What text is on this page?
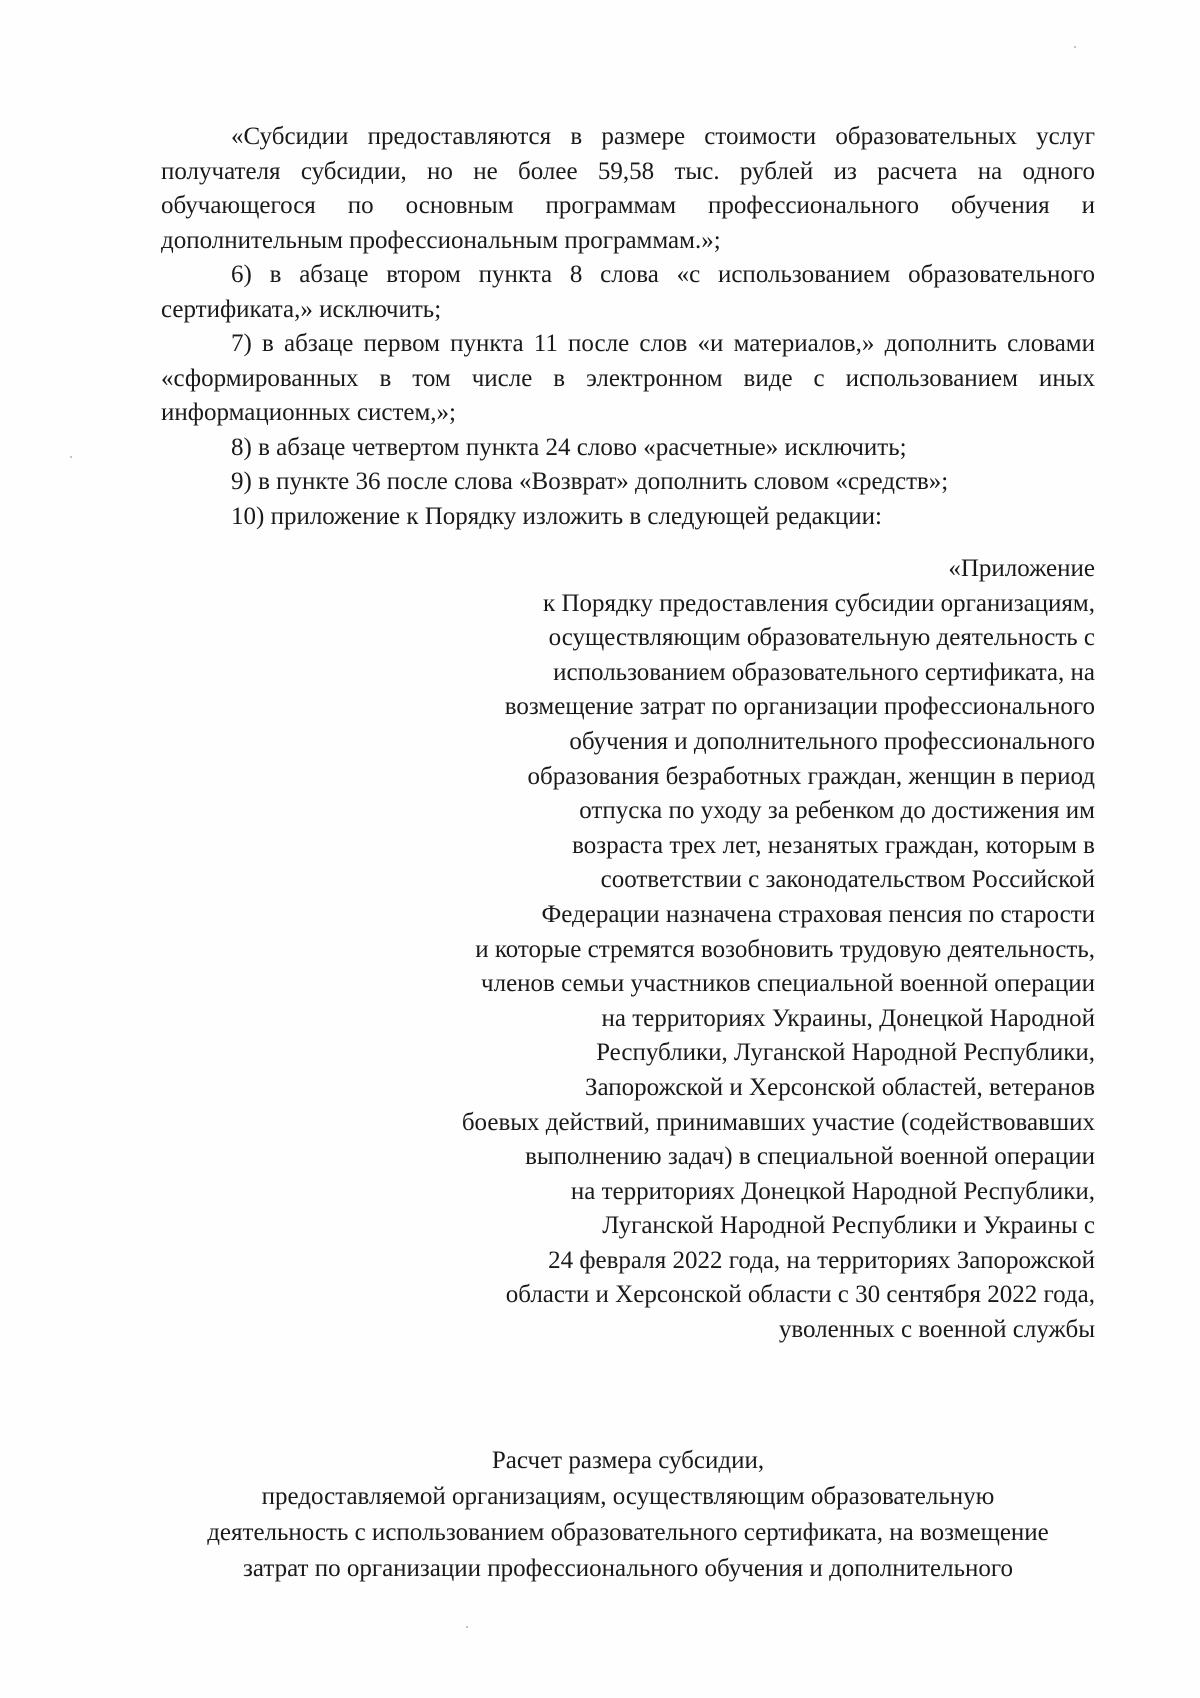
«Субсидии предоставляются в размере стоимости образовательных услуг получателя субсидии, но не более 59,58 тыс. рублей из расчета на одного обучающегося по основным программам профессионального обучения и дополнительным профессиональным программам.»;

6) в абзаце втором пункта 8 слова «с использованием образовательного сертификата,» исключить;

7) в абзаце первом пункта 11 после слов «и материалов,» дополнить словами «сформированных в том числе в электронном виде с использованием иных информационных систем,»;

8) в абзаце четвертом пункта 24 слово «расчетные» исключить;

9) в пункте 36 после слова «Возврат» дополнить словом «средств»;

10) приложение к Порядку изложить в следующей редакции:

«Приложение
к Порядку предоставления субсидии организациям,
осуществляющим образовательную деятельность с
использованием образовательного сертификата, на
возмещение затрат по организации профессионального
обучения и дополнительного профессионального
образования безработных граждан, женщин в период
отпуска по уходу за ребенком до достижения им
возраста трех лет, незанятых граждан, которым в
соответствии с законодательством Российской
Федерации назначена страховая пенсия по старости
и которые стремятся возобновить трудовую деятельность,
членов семьи участников специальной военной операции
на территориях Украины, Донецкой Народной
Республики, Луганской Народной Республики,
Запорожской и Херсонской областей, ветеранов
боевых действий, принимавших участие (содействовавших
выполнению задач) в специальной военной операции
на территориях Донецкой Народной Республики,
Луганской Народной Республики и Украины с
24 февраля 2022 года, на территориях Запорожской
области и Херсонской области с 30 сентября 2022 года,
уволенных с военной службы
Расчет размера субсидии,
предоставляемой организациям, осуществляющим образовательную
деятельность с использованием образовательного сертификата, на возмещение
затрат по организации профессионального обучения и дополнительного
